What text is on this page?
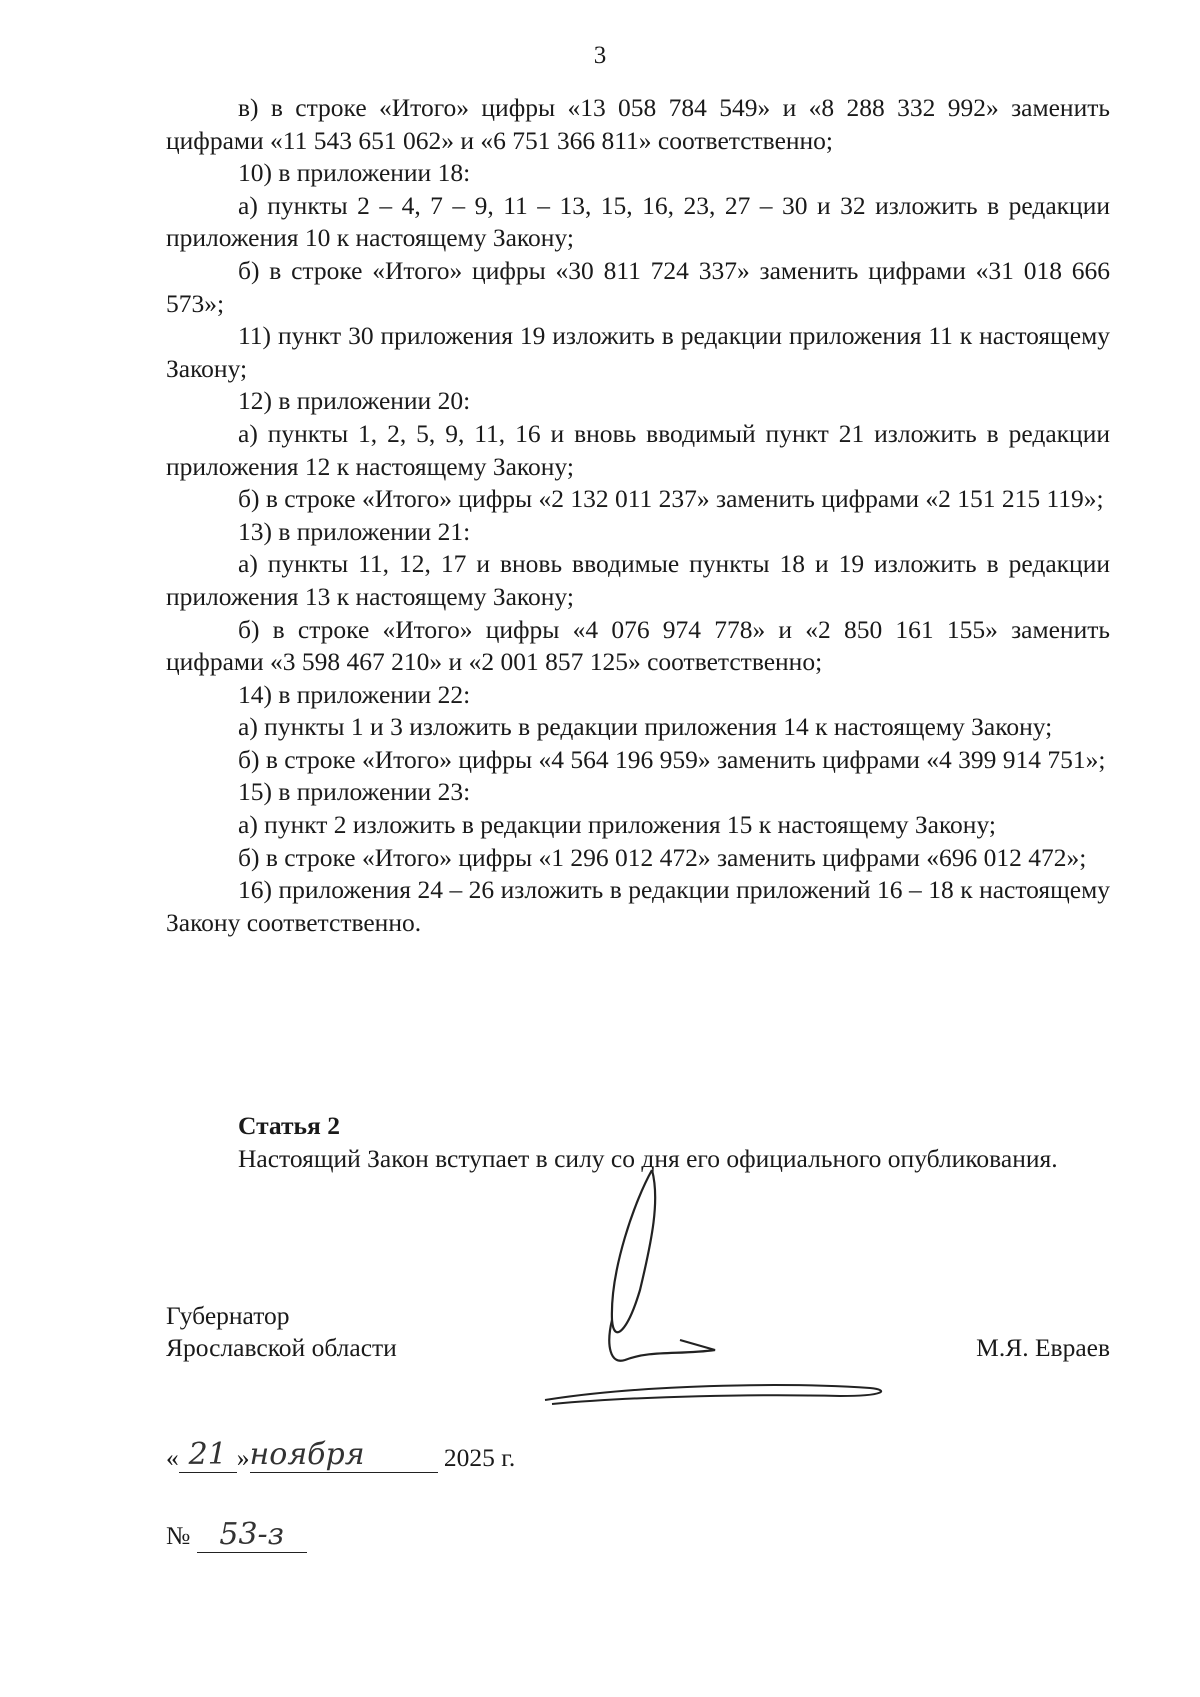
3

в) в строке «Итого» цифры «13 058 784 549» и «8 288 332 992» заменить цифрами «11 543 651 062» и «6 751 366 811» соответственно;

10) в приложении 18:

а) пункты 2 – 4, 7 – 9, 11 – 13, 15, 16, 23, 27 – 30 и 32 изложить в редакции приложения 10 к настоящему Закону;

б) в строке «Итого» цифры «30 811 724 337» заменить цифрами «31 018 666 573»;

11) пункт 30 приложения 19 изложить в редакции приложения 11 к настоящему Закону;

12) в приложении 20:

а) пункты 1, 2, 5, 9, 11, 16 и вновь вводимый пункт 21 изложить в редакции приложения 12 к настоящему Закону;

б) в строке «Итого» цифры «2 132 011 237» заменить цифрами «2 151 215 119»;

13) в приложении 21:

а) пункты 11, 12, 17 и вновь вводимые пункты 18 и 19 изложить в редакции приложения 13 к настоящему Закону;

б) в строке «Итого» цифры «4 076 974 778» и «2 850 161 155» заменить цифрами «3 598 467 210» и «2 001 857 125» соответственно;

14) в приложении 22:

а) пункты 1 и 3 изложить в редакции приложения 14 к настоящему Закону;

б) в строке «Итого» цифры «4 564 196 959» заменить цифрами «4 399 914 751»;

15) в приложении 23:

а) пункт 2 изложить в редакции приложения 15 к настоящему Закону;

б) в строке «Итого» цифры «1 296 012 472» заменить цифрами «696 012 472»;

16) приложения 24 – 26 изложить в редакции приложений 16 – 18 к настоящему Закону соответственно.

Статья 2

Настоящий Закон вступает в силу со дня его официального опубликования.

Губернатор
Ярославской области	М.Я. Евраев
« 21 »ноября	2025 г.
№ 53-з
